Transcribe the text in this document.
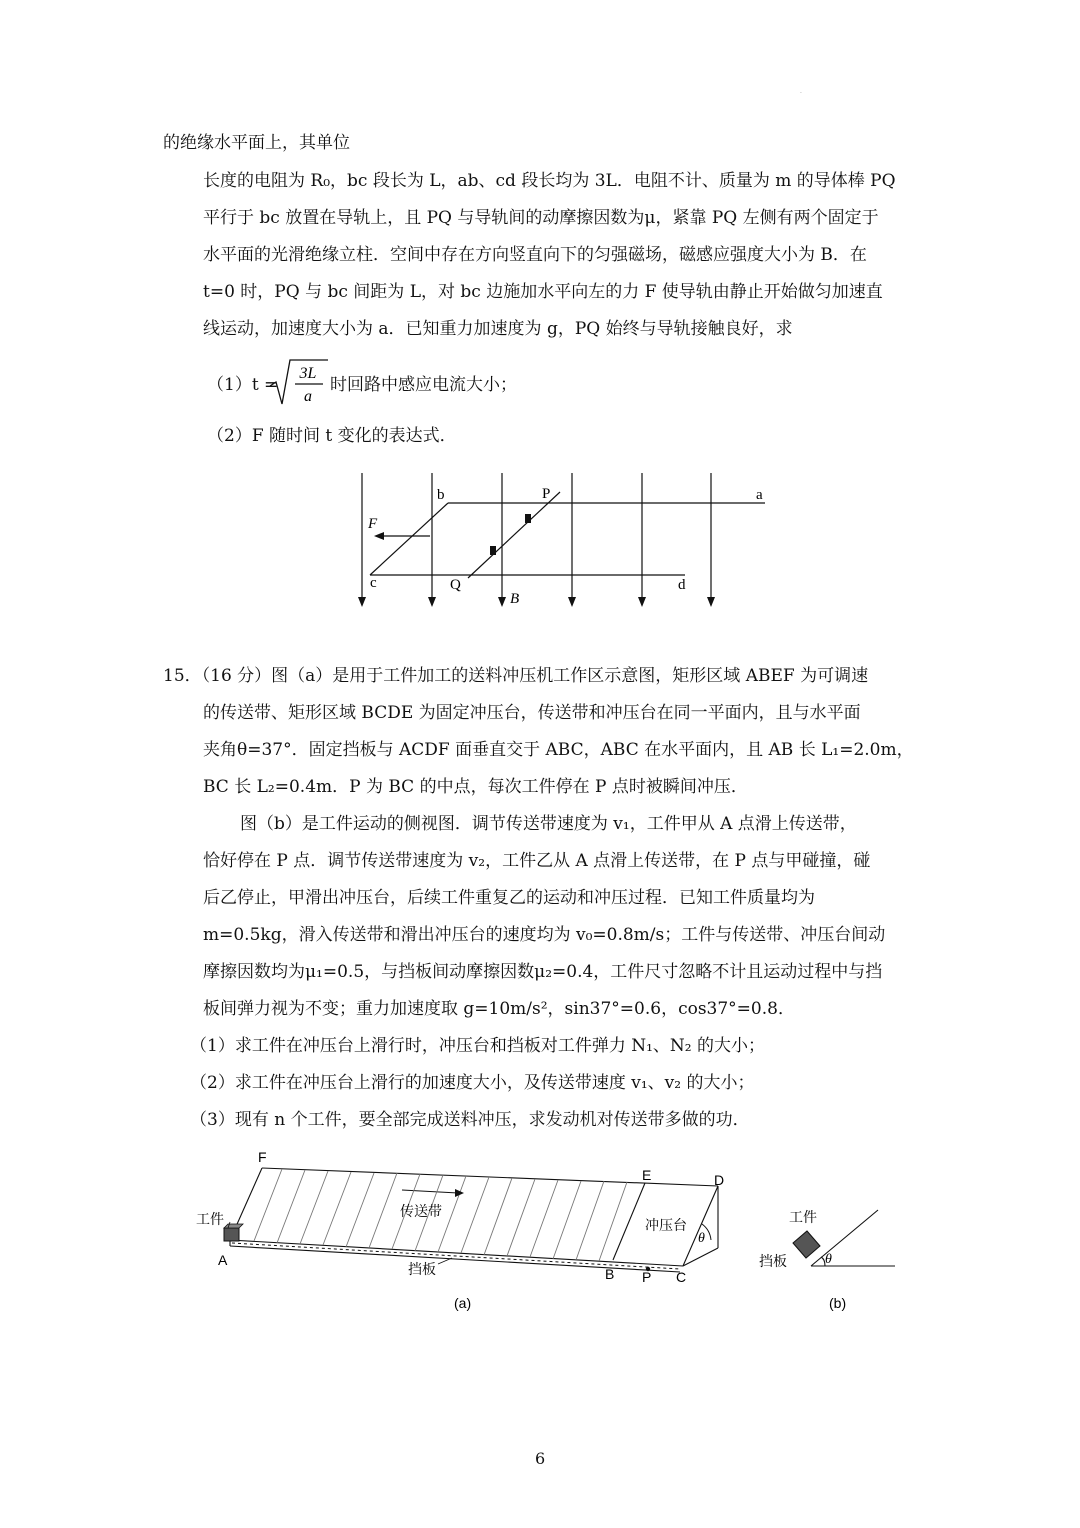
.
的绝缘水平面上，其单位
长度的电阻为 R₀，bc 段长为 L，ab、cd 段长均为 3L．电阻不计、质量为 m 的导体棒 PQ
平行于 bc 放置在导轨上，且 PQ 与导轨间的动摩擦因数为μ，紧靠 PQ 左侧有两个固定于
水平面的光滑绝缘立柱．空间中存在方向竖直向下的匀强磁场，磁感应强度大小为 B．在
t=0 时，PQ 与 bc 间距为 L，对 bc 边施加水平向左的力 F 使导轨由静止开始做匀加速直
线运动，加速度大小为 a．已知重力加速度为 g，PQ 始终与导轨接触良好，求
（1）t =
3L
a
时回路中感应电流大小；
（2）F 随时间 t 变化的表达式．
b	P	a
F
c	Q
B
d
15．（16 分）图（a）是用于工件加工的送料冲压机工作区示意图，矩形区域 ABEF 为可调速
的传送带、矩形区域 BCDE 为固定冲压台，传送带和冲压台在同一平面内，且与水平面
夹角θ=37°．固定挡板与 ACDF 面垂直交于 ABC，ABC 在水平面内，且 AB 长 L₁=2.0m，
BC 长 L₂=0.4m．P 为 BC 的中点，每次工件停在 P 点时被瞬间冲压．
图（b）是工件运动的侧视图．调节传送带速度为 v₁，工件甲从 A 点滑上传送带，
恰好停在 P 点．调节传送带速度为 v₂，工件乙从 A 点滑上传送带，在 P 点与甲碰撞，碰
后乙停止，甲滑出冲压台，后续工件重复乙的运动和冲压过程．已知工件质量均为
m=0.5kg，滑入传送带和滑出冲压台的速度均为 v₀=0.8m/s；工件与传送带、冲压台间动
摩擦因数均为μ₁=0.5，与挡板间动摩擦因数μ₂=0.4，工件尺寸忽略不计且运动过程中与挡
板间弹力视为不变；重力加速度取 g=10m/s²，sin37°=0.6，cos37°=0.8．
（1）求工件在冲压台上滑行时，冲压台和挡板对工件弹力 N₁、N₂ 的大小；
（2）求工件在冲压台上滑行的加速度大小，及传送带速度 v₁、v₂ 的大小；
（3）现有 n 个工件，要全部完成送料冲压，求发动机对传送带多做的功．
F
E	D
A
B P C
工件	传送带
冲压台
挡板
θ
(a)
工件
挡板	θ
(b)
6
